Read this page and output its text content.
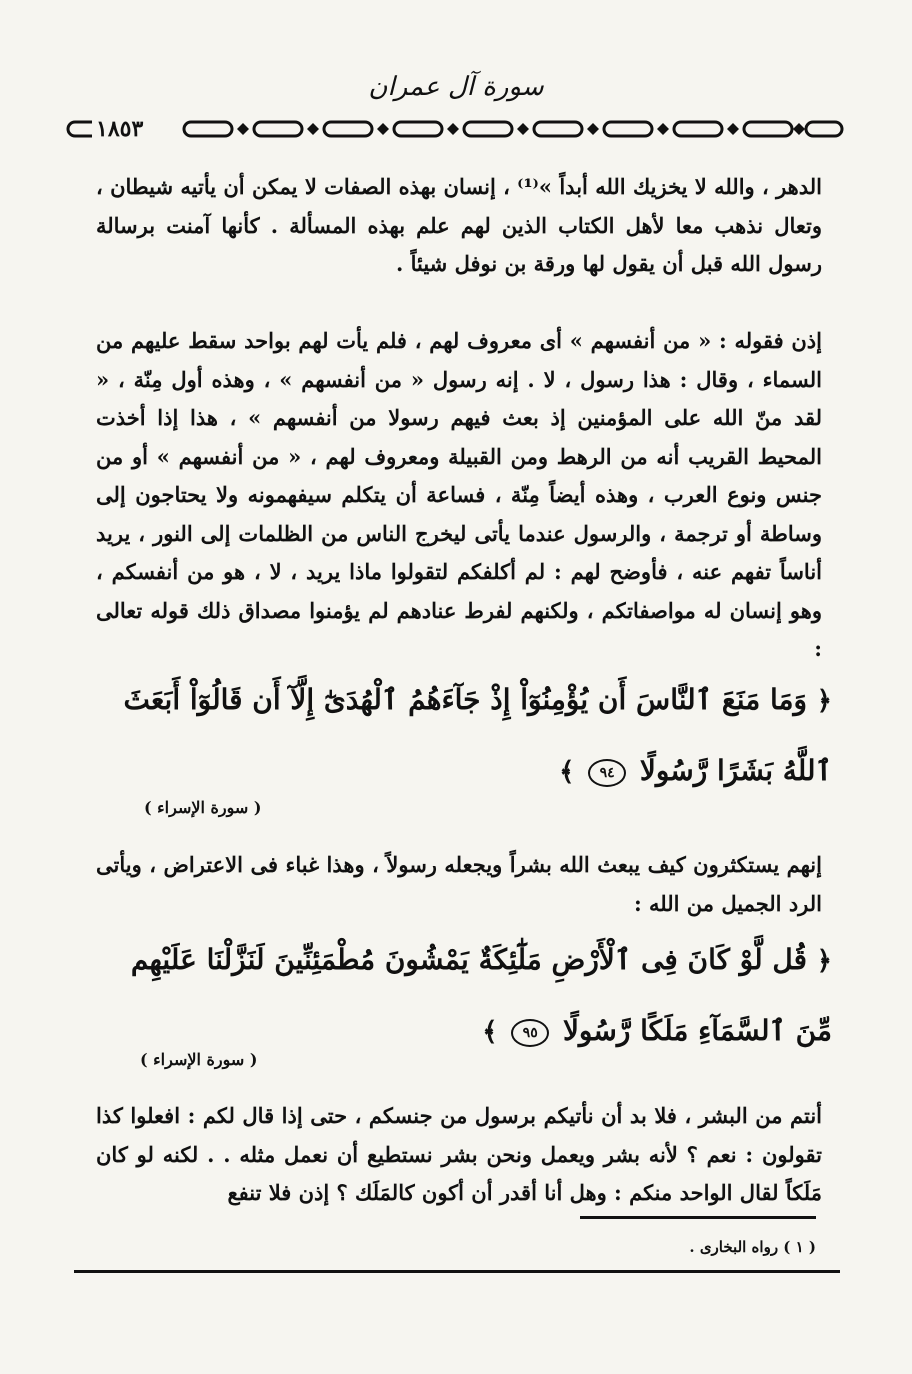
سورة آل عمران
١٨٥٣
الدهر ، والله لا يخزيك الله أبداً »⁽¹⁾ ، إنسان بهذه الصفات لا يمكن أن يأتيه شيطان ، وتعال نذهب معا لأهل الكتاب الذين لهم علم بهذه المسألة . كأنها آمنت برسالة رسول الله قبل أن يقول لها ورقة بن نوفل شيئاً .
إذن فقوله : « من أنفسهم » أى معروف لهم ، فلم يأت لهم بواحد سقط عليهم من السماء ، وقال : هذا رسول ، لا . إنه رسول « من أنفسهم » ، وهذه أول مِنّة ، « لقد منّ الله على المؤمنين إذ بعث فيهم رسولا من أنفسهم » ، هذا إذا أخذت المحيط القريب أنه من الرهط ومن القبيلة ومعروف لهم ، « من أنفسهم » أو من جنس ونوع العرب ، وهذه أيضاً مِنّة ، فساعة أن يتكلم سيفهمونه ولا يحتاجون إلى وساطة أو ترجمة ، والرسول عندما يأتى ليخرج الناس من الظلمات إلى النور ، يريد أناساً تفهم عنه ، فأوضح لهم : لم أكلفكم لتقولوا ماذا يريد ، لا ، هو من أنفسكم ، وهو إنسان له مواصفاتكم ، ولكنهم لفرط عنادهم لم يؤمنوا مصداق ذلك قوله تعالى :
﴿ وَمَا مَنَعَ ٱلنَّاسَ أَن يُؤْمِنُوٓاْ إِذْ جَآءَهُمُ ٱلْهُدَىٰٓ إِلَّآ أَن قَالُوٓاْ أَبَعَثَ ٱللَّهُ بَشَرًا رَّسُولًا ٩٤ ﴾
( سورة الإسراء )
إنهم يستكثرون كيف يبعث الله بشراً ويجعله رسولاً ، وهذا غباء فى الاعتراض ، ويأتى الرد الجميل من الله :
﴿ قُل لَّوْ كَانَ فِى ٱلْأَرْضِ مَلَٰٓئِكَةٌ يَمْشُونَ مُطْمَئِنِّينَ لَنَزَّلْنَا عَلَيْهِم مِّنَ ٱلسَّمَآءِ مَلَكًا رَّسُولًا ٩٥ ﴾
( سورة الإسراء )
أنتم من البشر ، فلا بد أن نأتيكم برسول من جنسكم ، حتى إذا قال لكم : افعلوا كذا تقولون : نعم ؟ لأنه بشر ويعمل ونحن بشر نستطيع أن نعمل مثله . . لكنه لو كان مَلَكاً لقال الواحد منكم : وهل أنا أقدر أن أكون كالمَلَك ؟ إذن فلا تنفع
( ١ ) رواه البخارى .
